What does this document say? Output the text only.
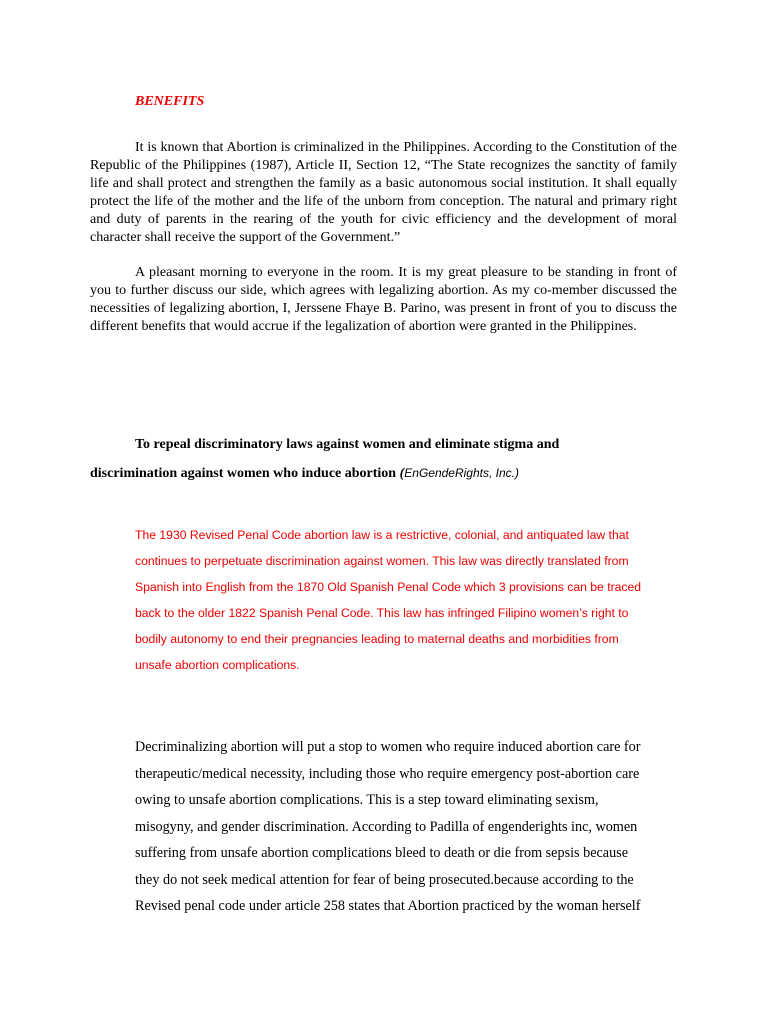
BENEFITS

It is known that Abortion is criminalized in the Philippines. According to the Constitution of the Republic of the Philippines (1987), Article II, Section 12, “The State recognizes the sanctity of family life and shall protect and strengthen the family as a basic autonomous social institution. It shall equally protect the life of the mother and the life of the unborn from conception. The natural and primary right and duty of parents in the rearing of the youth for civic efficiency and the development of moral character shall receive the support of the Government.”

A pleasant morning to everyone in the room. It is my great pleasure to be standing in front of you to further discuss our side, which agrees with legalizing abortion. As my co-member discussed the necessities of legalizing abortion, I, Jerssene Fhaye B. Parino, was present in front of you to discuss the different benefits that would accrue if the legalization of abortion were granted in the Philippines.

To repeal discriminatory laws against women and eliminate stigma and
discrimination against women who induce abortion (EnGendeRights, Inc.)
The 1930 Revised Penal Code abortion law is a restrictive, colonial, and antiquated law that
continues to perpetuate discrimination against women. This law was directly translated from
Spanish into English from the 1870 Old Spanish Penal Code which 3 provisions can be traced
back to the older 1822 Spanish Penal Code. This law has infringed Filipino women’s right to
bodily autonomy to end their pregnancies leading to maternal deaths and morbidities from
unsafe abortion complications.
Decriminalizing abortion will put a stop to women who require induced abortion care for
therapeutic/medical necessity, including those who require emergency post-abortion care
owing to unsafe abortion complications. This is a step toward eliminating sexism,
misogyny, and gender discrimination. According to Padilla of engenderights inc, women
suffering from unsafe abortion complications bleed to death or die from sepsis because
they do not seek medical attention for fear of being prosecuted.because according to the
Revised penal code under article 258 states that Abortion practiced by the woman herself
